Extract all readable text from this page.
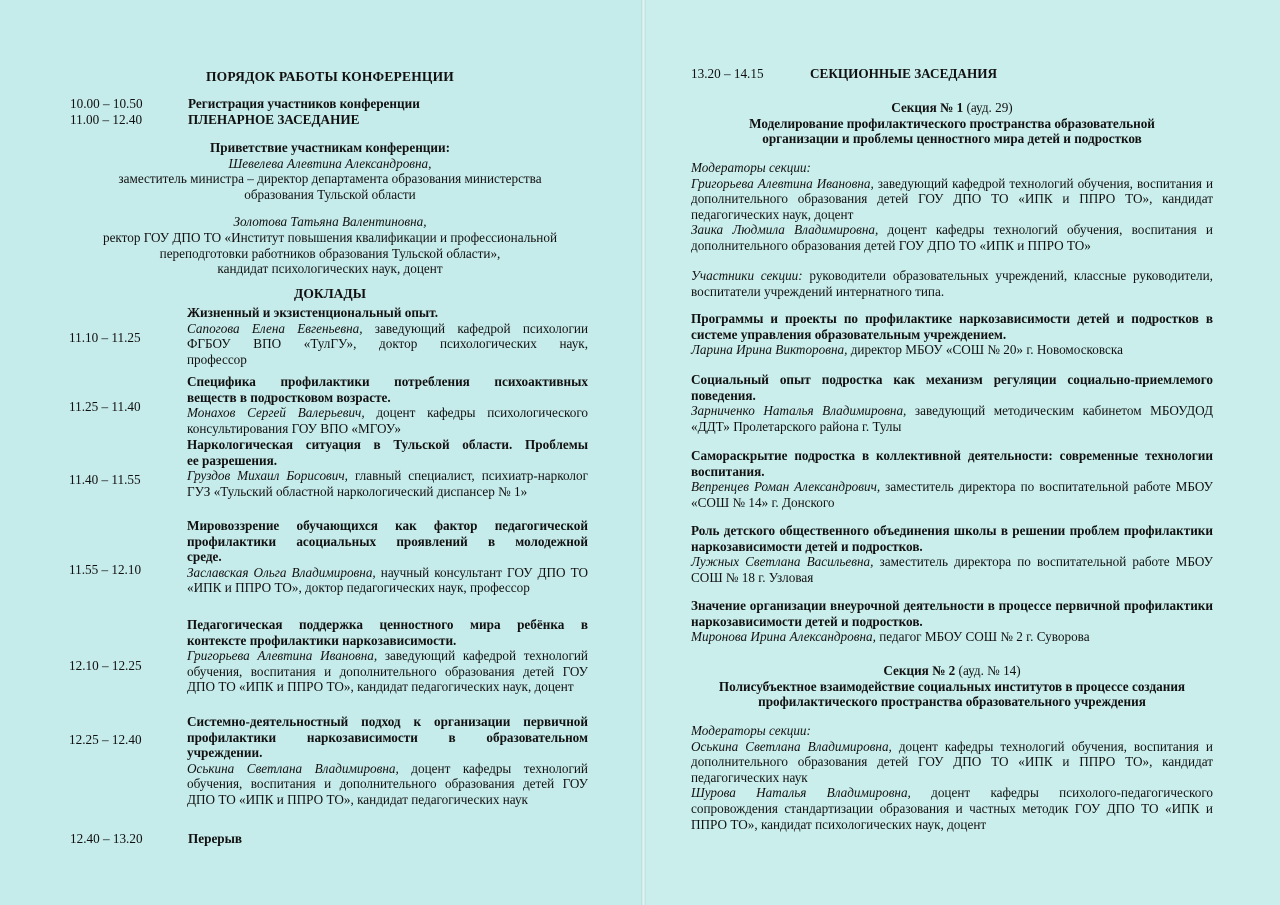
ПОРЯДОК РАБОТЫ КОНФЕРЕНЦИИ
10.00 – 10.50	Регистрация участников конференции
11.00 – 12.40	ПЛЕНАРНОЕ ЗАСЕДАНИЕ
Приветствие участникам конференции:
Шевелева Алевтина Александровна,
заместитель министра – директор департамента образования министерства
образования Тульской области
Золотова Татьяна Валентиновна,
ректор ГОУ ДПО ТО «Институт повышения квалификации и профессиональной
переподготовки работников образования Тульской области»,
кандидат психологических наук, доцент
ДОКЛАДЫ
11.10 – 11.25
Жизненный и экзистенциональный опыт.
Сапогова Елена Евгеньевна, заведующий кафедрой психологии
ФГБОУ ВПО «ТулГУ», доктор психологических наук,
профессор
11.25 – 11.40
Специфика профилактики потребления психоактивных
веществ в подростковом возрасте.
Монахов Сергей Валерьевич, доцент кафедры психологического
консультирования ГОУ ВПО «МГОУ»
11.40 – 11.55
Наркологическая ситуация в Тульской области. Проблемы
ее разрешения.
Груздов Михаил Борисович, главный специалист, психиатр-нарколог ГУЗ «Тульский областной наркологический диспансер № 1»
11.55 – 12.10
Мировоззрение обучающихся как фактор педагогической
профилактики асоциальных проявлений в молодежной
среде.
Заславская Ольга Владимировна, научный консультант ГОУ ДПО ТО «ИПК и ППРО ТО», доктор педагогических наук, профессор
12.10 – 12.25
Педагогическая поддержка ценностного мира ребёнка в
контексте профилактики наркозависимости.
Григорьева Алевтина Ивановна, заведующий кафедрой технологий обучения, воспитания и дополнительного образования детей ГОУ ДПО ТО «ИПК и ППРО ТО», кандидат педагогических наук, доцент
12.25 – 12.40
Системно-деятельностный подход к организации первичной
профилактики наркозависимости в образовательном
учреждении.
Оськина Светлана Владимировна, доцент кафедры технологий обучения, воспитания и дополнительного образования детей ГОУ ДПО ТО «ИПК и ППРО ТО», кандидат педагогических наук
12.40 – 13.20	Перерыв
13.20 – 14.15	СЕКЦИОННЫЕ ЗАСЕДАНИЯ
Секция № 1 (ауд. 29)
Моделирование профилактического пространства образовательной
организации и проблемы ценностного мира детей и подростков
Модераторы секции:
Григорьева Алевтина Ивановна, заведующий кафедрой технологий обучения, воспитания и дополнительного образования детей ГОУ ДПО ТО «ИПК и ППРО ТО», кандидат педагогических наук, доцент
Заика Людмила Владимировна, доцент кафедры технологий обучения, воспитания и дополнительного образования детей ГОУ ДПО ТО «ИПК и ППРО ТО»
Участники секции: руководители образовательных учреждений, классные руководители, воспитатели учреждений интернатного типа.
Программы и проекты по профилактике наркозависимости детей и подростков в системе управления образовательным учреждением.
Ларина Ирина Викторовна, директор МБОУ «СОШ № 20» г. Новомосковска
Социальный опыт подростка как механизм регуляции социально-приемлемого поведения.
Зарниченко Наталья Владимировна, заведующий методическим кабинетом МБОУДОД «ДДТ» Пролетарского района г. Тулы
Самораскрытие подростка в коллективной деятельности: современные технологии воспитания.
Вепренцев Роман Александрович, заместитель директора по воспитательной работе МБОУ «СОШ № 14» г. Донского
Роль детского общественного объединения школы в решении проблем профилактики наркозависимости детей и подростков.
Лужных Светлана Васильевна, заместитель директора по воспитательной работе МБОУ СОШ № 18 г. Узловая
Значение организации внеурочной деятельности в процессе первичной профилактики наркозависимости детей и подростков.
Миронова Ирина Александровна, педагог МБОУ СОШ № 2 г. Суворова
Секция № 2 (ауд. № 14)
Полисубъектное взаимодействие социальных институтов в процессе создания
профилактического пространства образовательного учреждения
Модераторы секции:
Оськина Светлана Владимировна, доцент кафедры технологий обучения, воспитания и дополнительного образования детей ГОУ ДПО ТО «ИПК и ППРО ТО», кандидат педагогических наук
Шурова Наталья Владимировна, доцент кафедры психолого-педагогического сопровождения стандартизации образования и частных методик ГОУ ДПО ТО «ИПК и ППРО ТО», кандидат психологических наук, доцент
